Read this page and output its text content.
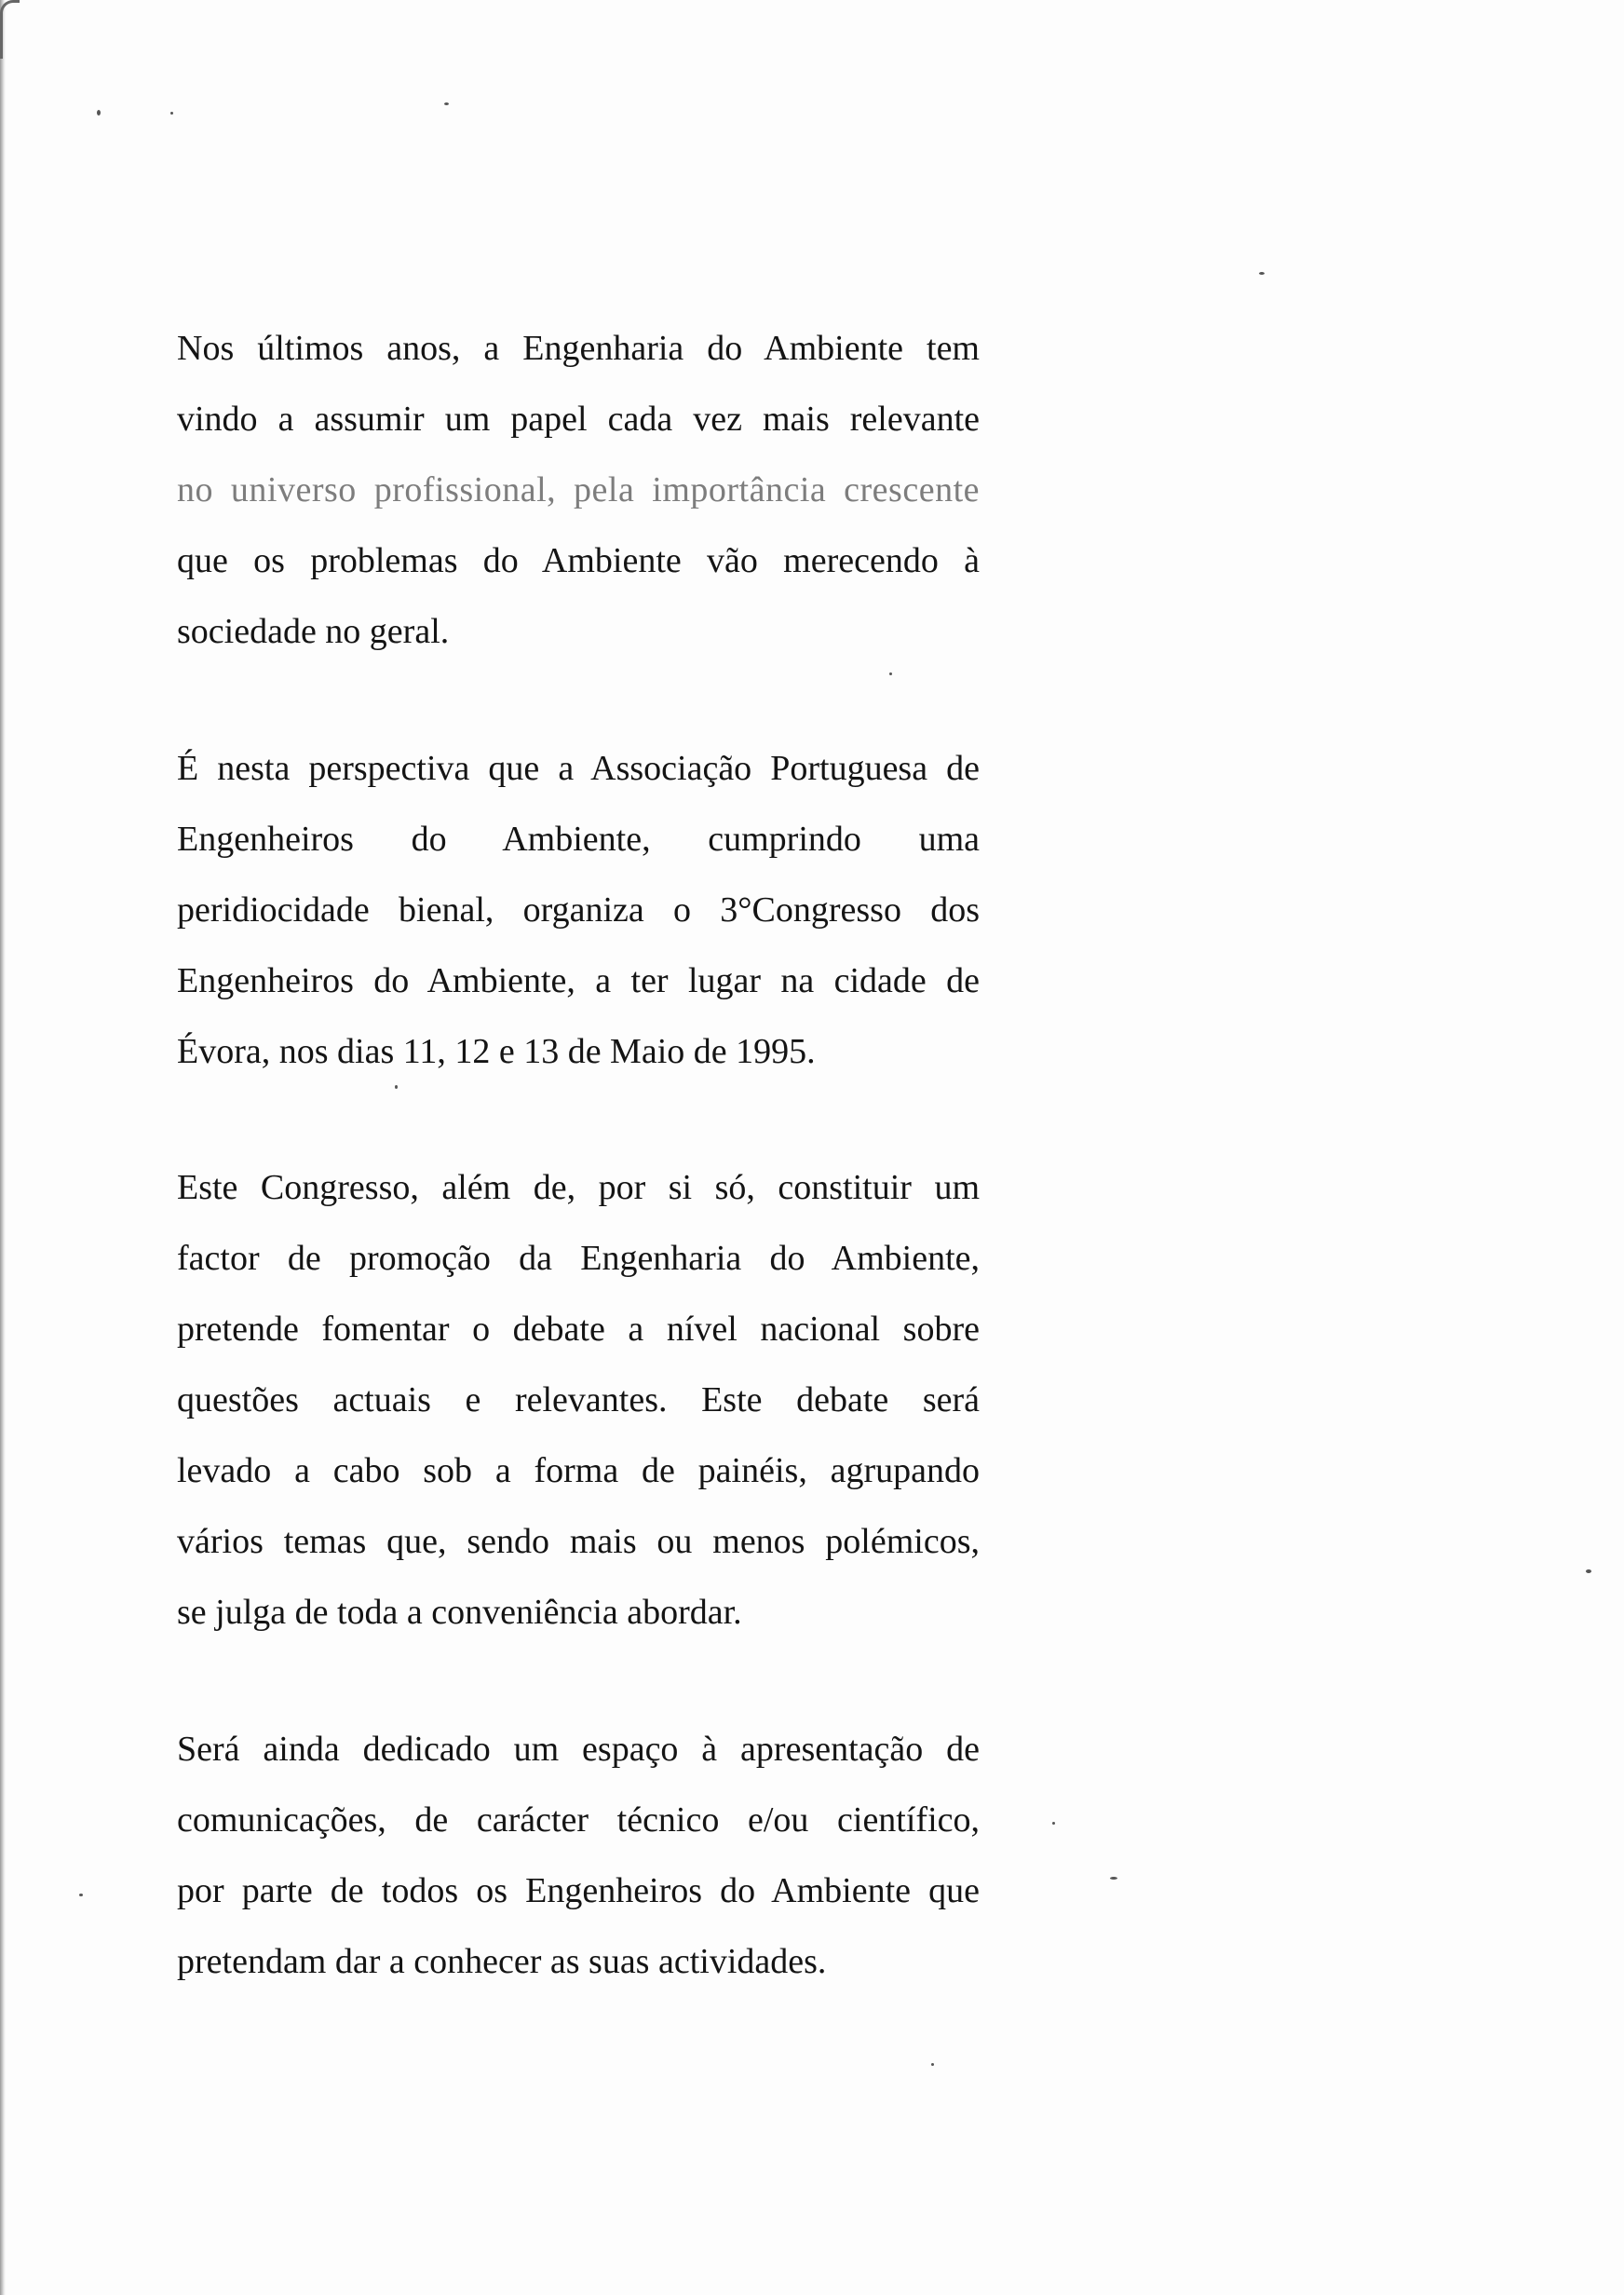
Nos últimos anos, a Engenharia do Ambiente tem
vindo a assumir um papel cada vez mais relevante
no universo profissional, pela importância crescente
que os problemas do Ambiente vão merecendo à
sociedade no geral.

É nesta perspectiva que a Associação Portuguesa de
Engenheiros do Ambiente, cumprindo uma
peridiocidade bienal, organiza o 3°Congresso dos
Engenheiros do Ambiente, a ter lugar na cidade de
Évora, nos dias 11, 12 e 13 de Maio de 1995.

Este Congresso, além de, por si só, constituir um
factor de promoção da Engenharia do Ambiente,
pretende fomentar o debate a nível nacional sobre
questões actuais e relevantes. Este debate será
levado a cabo sob a forma de painéis, agrupando
vários temas que, sendo mais ou menos polémicos,
se julga de toda a conveniência abordar.

Será ainda dedicado um espaço à apresentação de
comunicações, de carácter técnico e/ou científico,
por parte de todos os Engenheiros do Ambiente que
pretendam dar a conhecer as suas actividades.
